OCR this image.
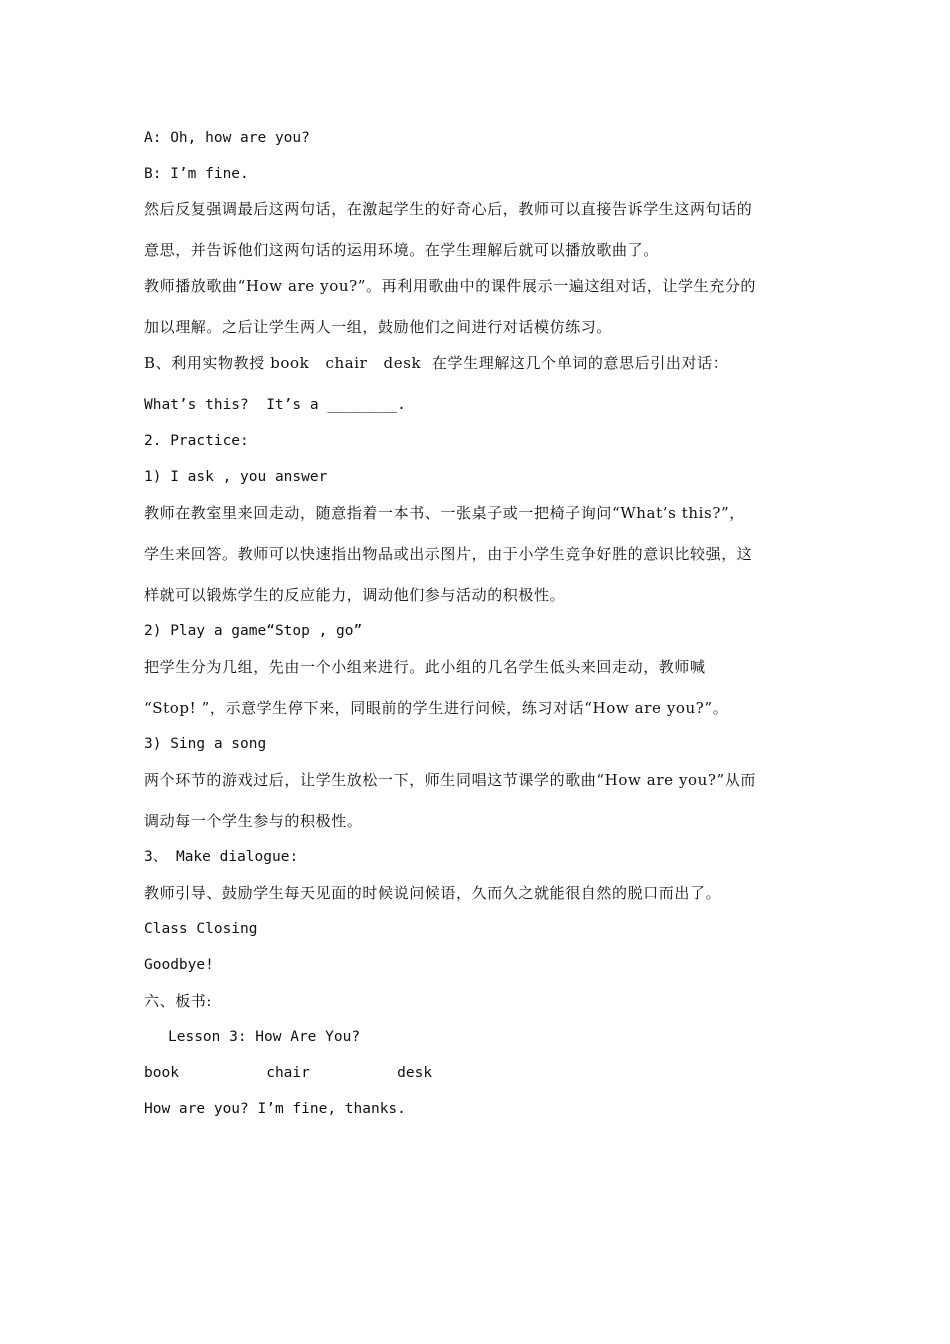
A: Oh, how are you?
B: I’m fine.
然后反复强调最后这两句话，在激起学生的好奇心后，教师可以直接告诉学生这两句话的
意思，并告诉他们这两句话的运用环境。在学生理解后就可以播放歌曲了。
教师播放歌曲“How are you?”。再利用歌曲中的课件展示一遍这组对话，让学生充分的
加以理解。之后让学生两人一组，鼓励他们之间进行对话模仿练习。
B、利用实物教授 book   chair   desk  在学生理解这几个单词的意思后引出对话：
What’s this?  It’s a ________.
2. Practice:
1) I ask , you answer
教师在教室里来回走动，随意指着一本书、一张桌子或一把椅子询问“What’s this?”，
学生来回答。教师可以快速指出物品或出示图片，由于小学生竞争好胜的意识比较强，这
样就可以锻炼学生的反应能力，调动他们参与活动的积极性。
2) Play a game“Stop , go”
把学生分为几组，先由一个小组来进行。此小组的几名学生低头来回走动，教师喊
“Stop! ”，示意学生停下来，同眼前的学生进行问候，练习对话“How are you?”。
3) Sing a song
两个环节的游戏过后，让学生放松一下，师生同唱这节课学的歌曲“How are you?”从而
调动每一个学生参与的积极性。
3、 Make dialogue:
教师引导、鼓励学生每天见面的时候说问候语，久而久之就能很自然的脱口而出了。
Class Closing
Goodbye!
六、板书:
Lesson 3: How Are You?
book          chair          desk
How are you? I’m fine, thanks.
